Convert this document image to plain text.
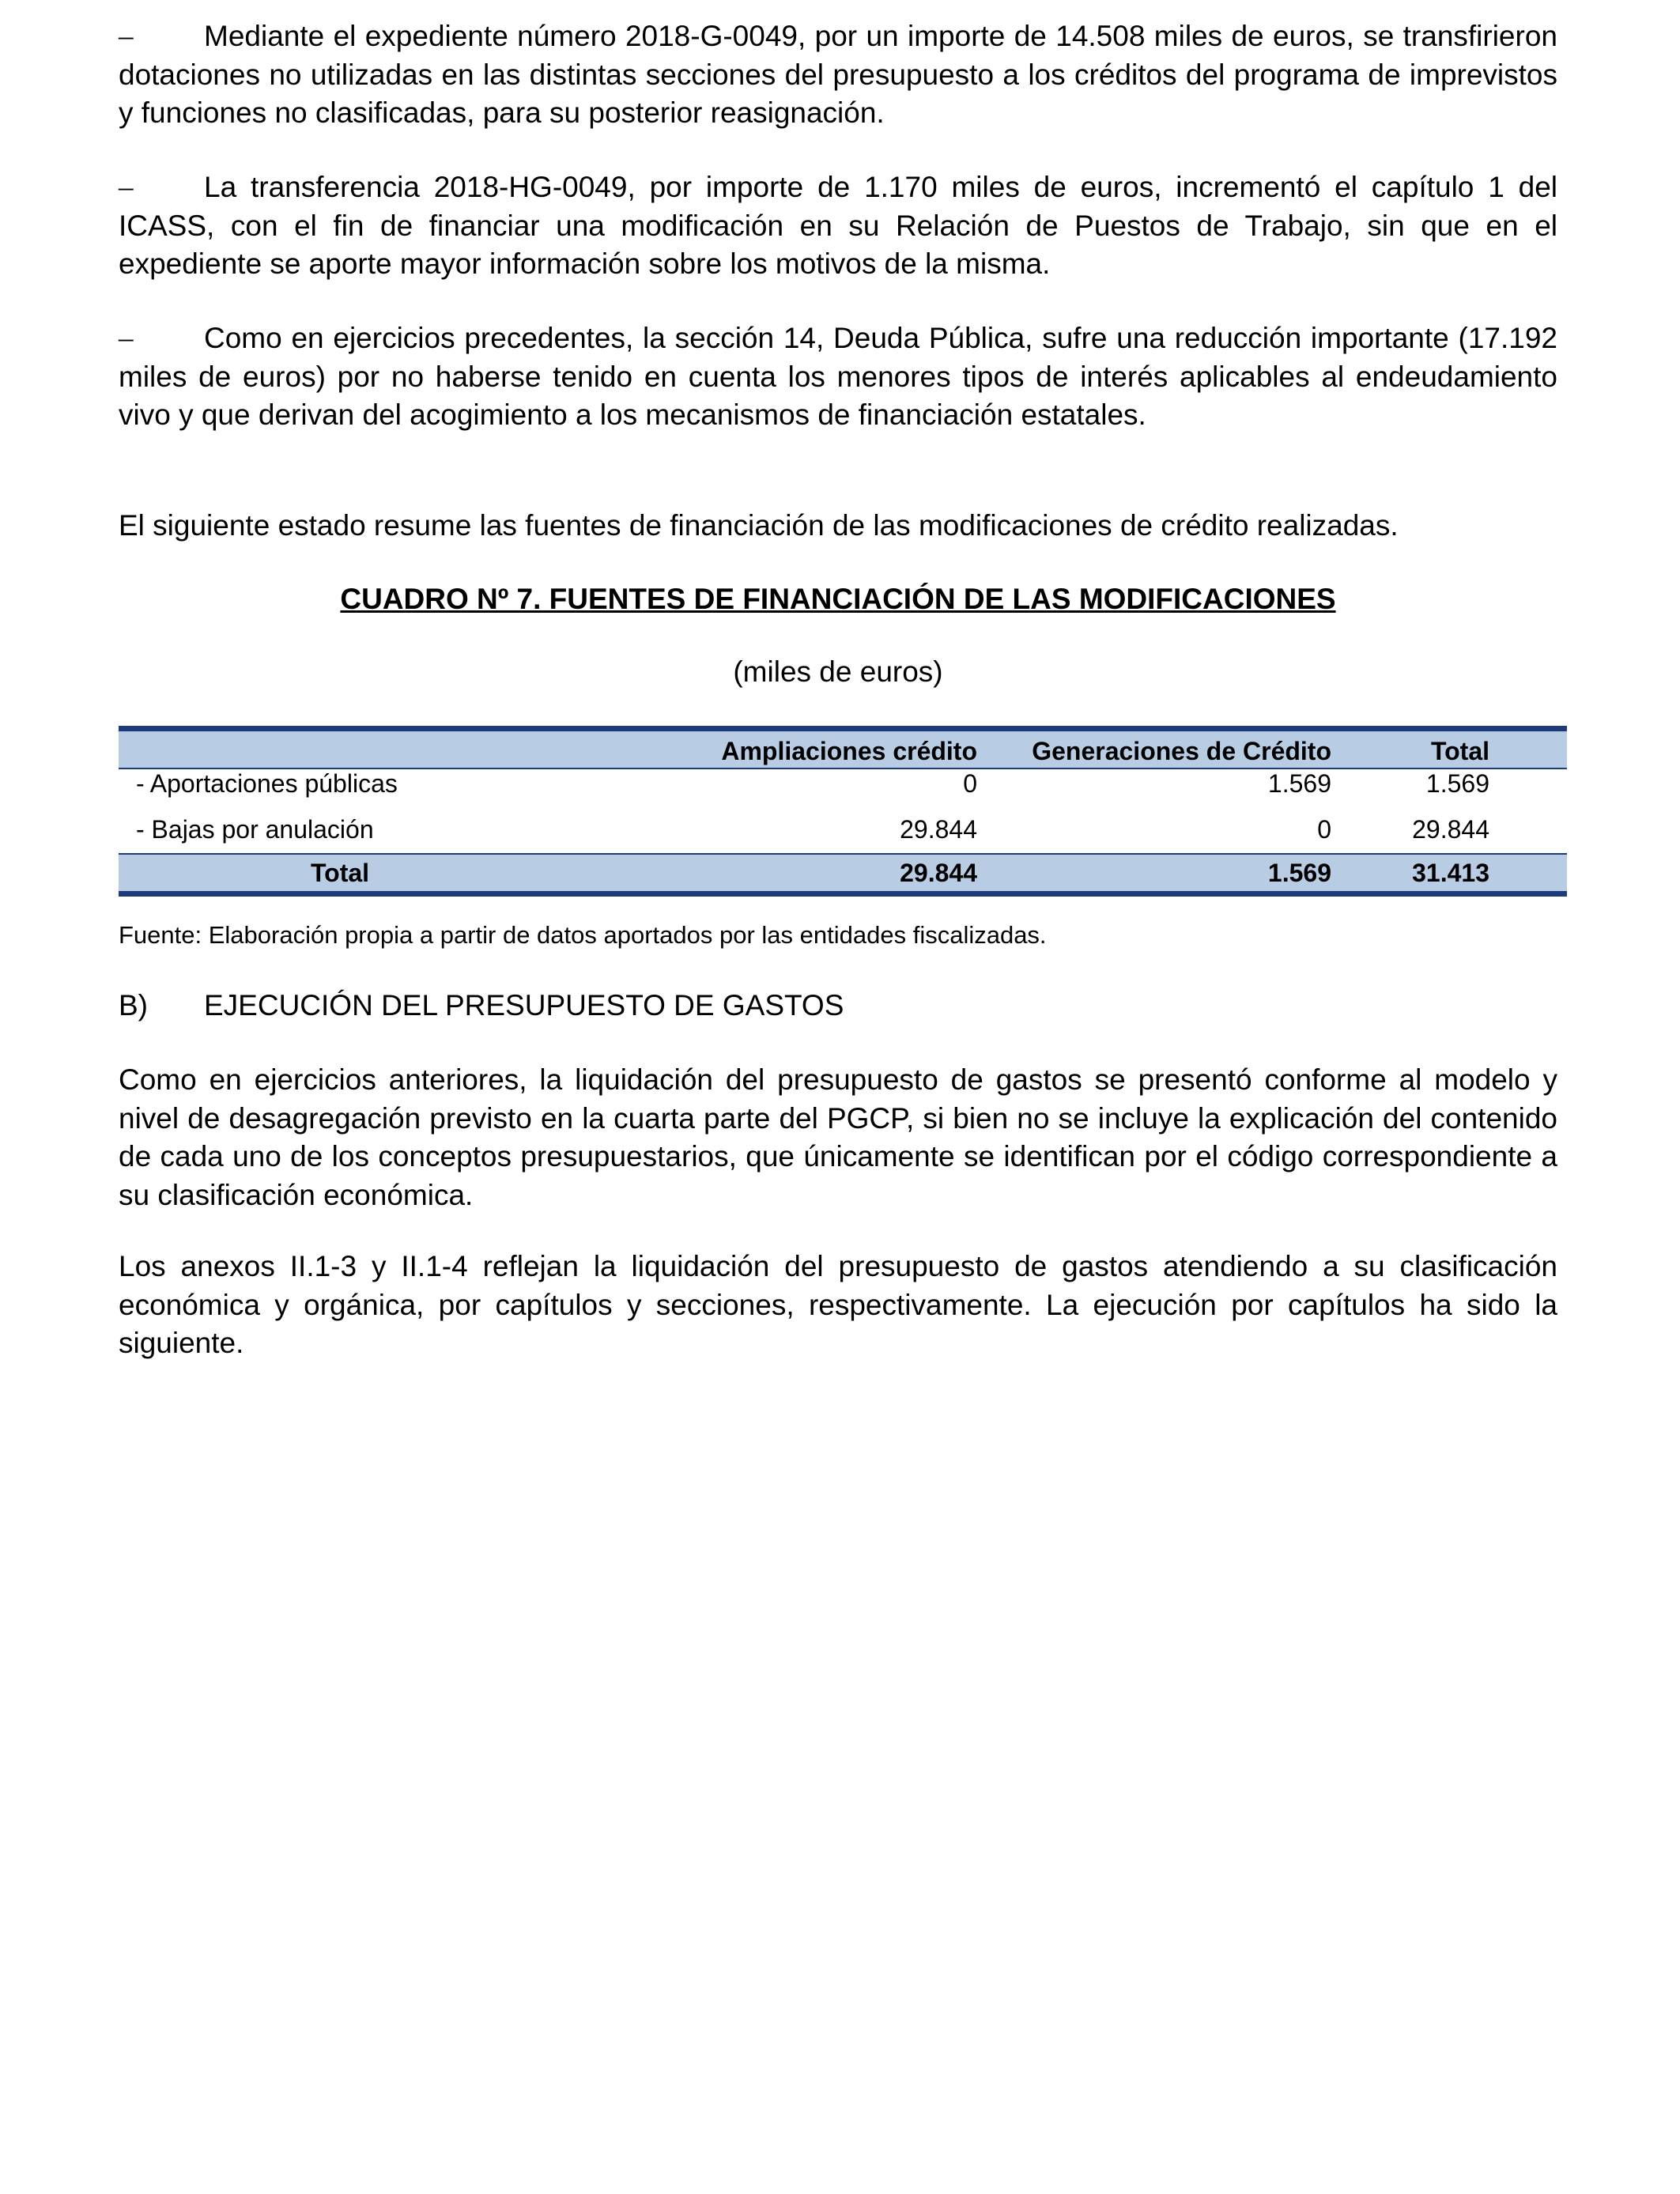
– Mediante el expediente número 2018-G-0049, por un importe de 14.508 miles de euros, se transfirieron dotaciones no utilizadas en las distintas secciones del presupuesto a los créditos del programa de imprevistos y funciones no clasificadas, para su posterior reasignación.

– La transferencia 2018-HG-0049, por importe de 1.170 miles de euros, incrementó el capítulo 1 del ICASS, con el fin de financiar una modificación en su Relación de Puestos de Trabajo, sin que en el expediente se aporte mayor información sobre los motivos de la misma.

– Como en ejercicios precedentes, la sección 14, Deuda Pública, sufre una reducción importante (17.192 miles de euros) por no haberse tenido en cuenta los menores tipos de interés aplicables al endeudamiento vivo y que derivan del acogimiento a los mecanismos de financiación estatales.

El siguiente estado resume las fuentes de financiación de las modificaciones de crédito realizadas.

CUADRO Nº 7. FUENTES DE FINANCIACIÓN DE LAS MODIFICACIONES
(miles de euros)
	Ampliaciones crédito	Generaciones de Crédito	Total
- Aportaciones públicas	0	1.569	1.569
- Bajas por anulación	29.844	0	29.844
Total	29.844	1.569	31.413
Fuente: Elaboración propia a partir de datos aportados por las entidades fiscalizadas.
B) EJECUCIÓN DEL PRESUPUESTO DE GASTOS

Como en ejercicios anteriores, la liquidación del presupuesto de gastos se presentó conforme al modelo y nivel de desagregación previsto en la cuarta parte del PGCP, si bien no se incluye la explicación del contenido de cada uno de los conceptos presupuestarios, que únicamente se identifican por el código correspondiente a su clasificación económica.

Los anexos II.1-3 y II.1-4 reflejan la liquidación del presupuesto de gastos atendiendo a su clasificación económica y orgánica, por capítulos y secciones, respectivamente. La ejecución por capítulos ha sido la siguiente.
